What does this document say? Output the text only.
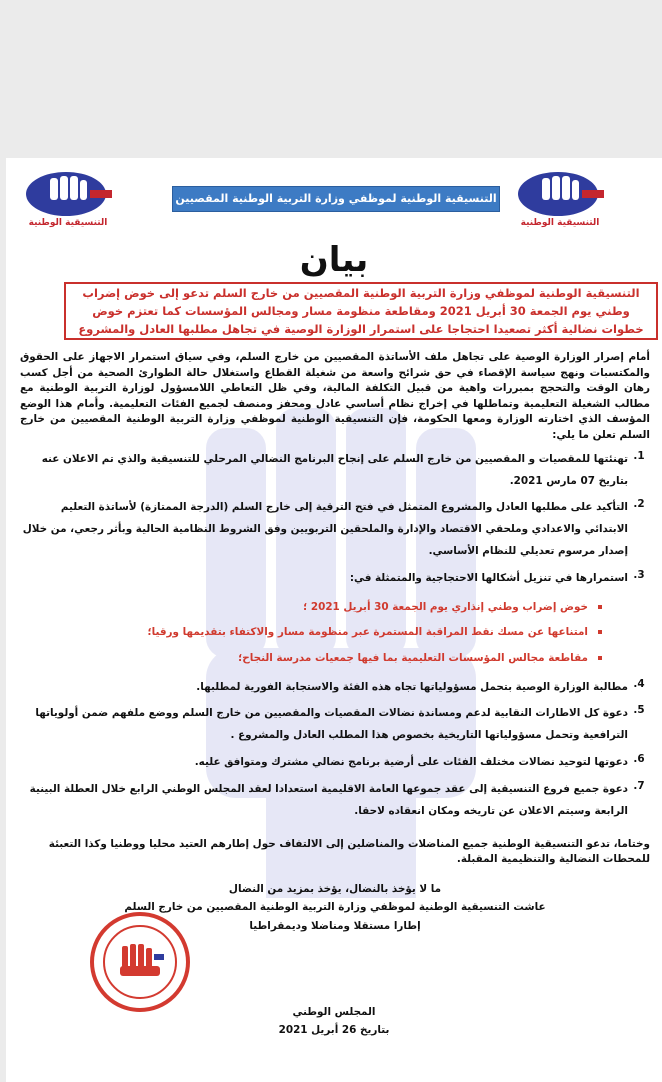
التنسيقية الوطنية
التنسيقية الوطنية لموظفي وزارة التربية الوطنية المقصيين من خارج السلم	التنسيقية الوطنية
بيان
التنسيقية الوطنية لموظفي وزارة التربية الوطنية المقصيين من خارج السلم تدعو إلى خوض إضراب
وطني يوم الجمعة 30 أبريل 2021 ومقاطعة منظومة مسار ومجالس المؤسسات كما تعتزم خوض
خطوات نضالية أكثر تصعيدا احتجاجا على استمرار الوزارة الوصية في تجاهل مطلبها العادل والمشروع

أمام إصرار الوزارة الوصية على تجاهل ملف الأساتذة المقصيين من خارج السلم، وفي سياق استمرار الاجهاز على الحقوق والمكتسبات ونهج سياسة الإقصاء في حق شرائح واسعة من شغيلة القطاع واستغلال حالة الطوارئ الصحية من أجل كسب رهان الوقت والتحجج بمبررات واهية من قبيل التكلفة المالية، وفي ظل التعاطي اللامسؤول لوزارة التربية الوطنية مع مطالب الشغيلة التعليمية وتماطلها في إخراج نظام أساسي عادل ومحفز ومنصف لجميع الفئات التعليمية. وأمام هذا الوضع المؤسف الذي اختارته الوزارة ومعها الحكومة، فإن التنسيقية الوطنية لموظفي وزارة التربية الوطنية المقصيين من خارج السلم تعلن ما يلي:

1.
تهنئتها للمقصيات و المقصيين من خارج السلم على إنجاح البرنامج النضالي المرحلي للتنسيقية والذي تم الاعلان عنه بتاريخ 07 مارس 2021.
2.
التأكيد على مطلبها العادل والمشروع المتمثل في فتح الترقية إلى خارج السلم (الدرجة الممتازة) لأساتذة التعليم الابتدائي والاعدادي وملحقي الاقتصاد والإدارة والملحقين التربويين وفق الشروط النظامية الحالية وبأثر رجعي، من خلال إصدار مرسوم تعديلي للنظام الأساسي.
3.
استمرارها في تنزيل أشكالها الاحتجاجية والمتمثلة في:
خوض إضراب وطني إنذاري يوم الجمعة 30 أبريل 2021 ؛
امتناعها عن مسك نقط المراقبة المستمرة عبر منظومة مسار والاكتفاء بتقديمها ورقيا؛
مقاطعة مجالس المؤسسات التعليمية بما فيها جمعيات مدرسة النجاح؛
4.
مطالبة الوزارة الوصية بتحمل مسؤولياتها تجاه هذه الفئة والاستجابة الفورية لمطلبها.
5.
دعوة كل الاطارات النقابية لدعم ومساندة نضالات المقصيات والمقصيين من خارج السلم ووضع ملفهم ضمن أولوياتها الترافعية وتحمل مسؤولياتها التاريخية بخصوص هذا المطلب العادل والمشروع .
6.
دعوتها لتوحيد نضالات مختلف الفئات على أرضية برنامج نضالي مشترك ومتوافق عليه.
7.
دعوة جميع فروع التنسيقية إلى عقد جموعها العامة الاقليمية استعدادا لعقد المجلس الوطني الرابع خلال العطلة البينية الرابعة وسيتم الاعلان عن تاريخه ومكان انعقاده لاحقا.

وختاما، تدعو التنسيقية الوطنية جميع المناضلات والمناضلين إلى الالتفاف حول إطارهم العتيد محليا ووطنيا وكذا التعبئة للمحطات النضالية والتنظيمية المقبلة.

ما لا يؤخذ بالنضال، يؤخذ بمزيد من النضال
عاشت التنسيقية الوطنية لموظفي وزارة التربية الوطنية المقصيين من خارج السلم
إطارا مستقلا ومناضلا وديمقراطيا
المجلس الوطني
بتاريخ 26 أبريل 2021
